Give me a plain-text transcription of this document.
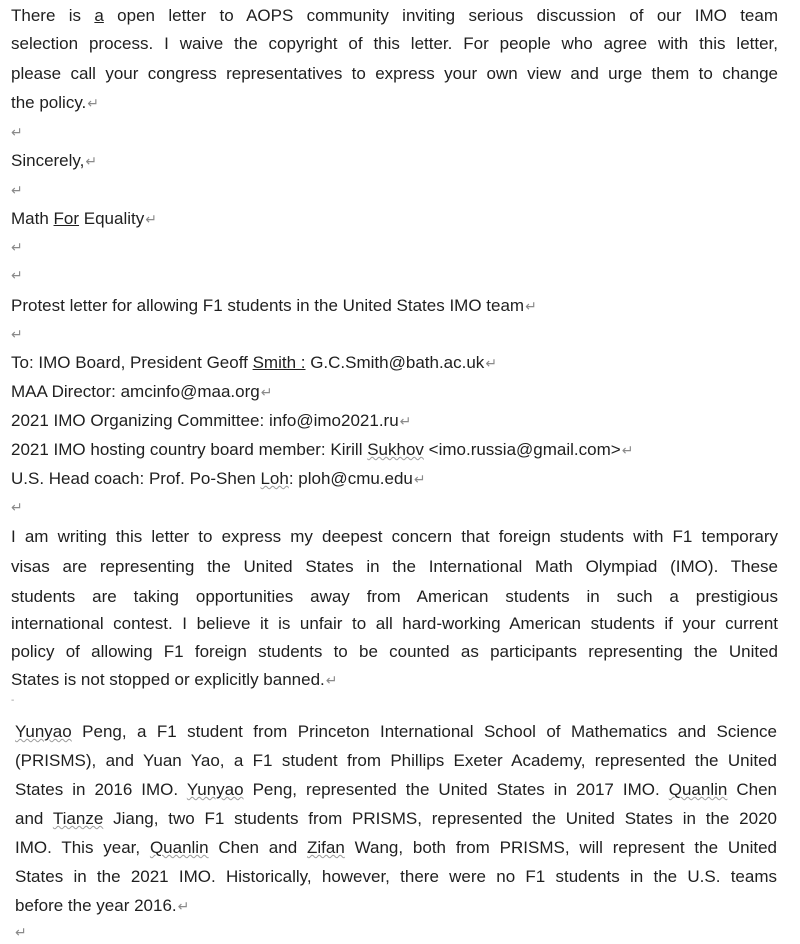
There is a open letter to AOPS community inviting serious discussion of our IMO team
selection process. I waive the copyright of this letter. For people who agree with this letter,
please call your congress representatives to express your own view and urge them to change
the policy.↵
↵
Sincerely,↵
↵
Math For Equality↵
↵
↵
Protest letter for allowing F1 students in the United States IMO team↵
↵
To: IMO Board, President Geoff Smith : G.C.Smith@bath.ac.uk↵
MAA Director: amcinfo@maa.org↵
2021 IMO Organizing Committee: info@imo2021.ru↵
2021 IMO hosting country board member: Kirill Sukhov <imo.russia@gmail.com>↵
U.S. Head coach: Prof. Po-Shen Loh: ploh@cmu.edu↵
↵
I am writing this letter to express my deepest concern that foreign students with F1 temporary
visas are representing the United States in the International Math Olympiad (IMO). These
students are taking opportunities away from American students in such a prestigious
international contest. I believe it is unfair to all hard-working American students if your current
policy of allowing F1 foreign students to be counted as participants representing the United
States is not stopped or explicitly banned.↵
-
Yunyao Peng, a F1 student from Princeton International School of Mathematics and Science
(PRISMS), and Yuan Yao, a F1 student from Phillips Exeter Academy, represented the United
States in 2016 IMO. Yunyao Peng, represented the United States in 2017 IMO. Quanlin Chen
and Tianze Jiang, two F1 students from PRISMS, represented the United States in the 2020
IMO. This year, Quanlin Chen and Zifan Wang, both from PRISMS, will represent the United
States in the 2021 IMO. Historically, however, there were no F1 students in the U.S. teams
before the year 2016.↵
↵
